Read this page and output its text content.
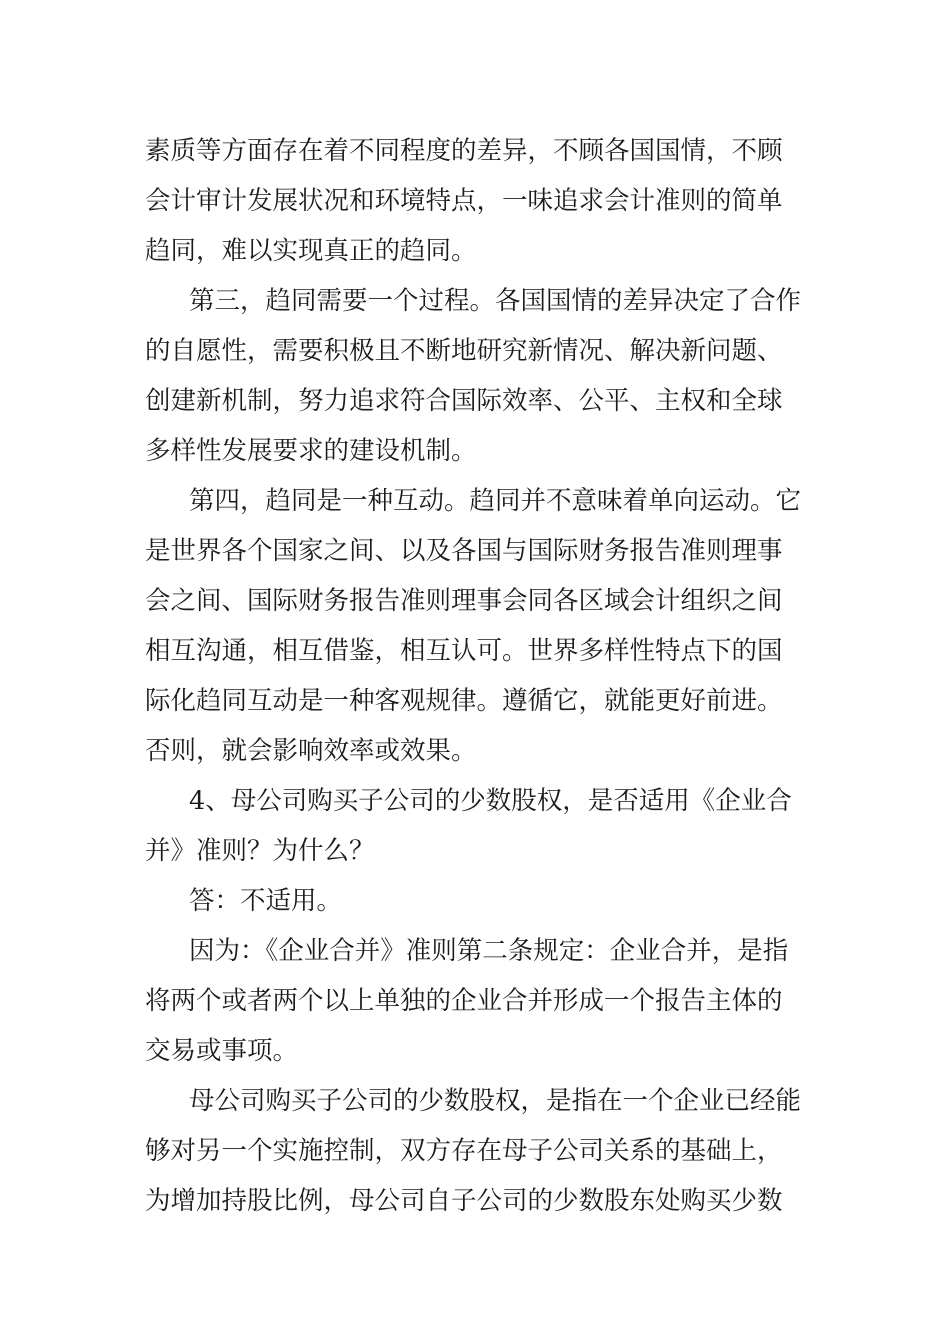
素质等方面存在着不同程度的差异，不顾各国国情，不顾
会计审计发展状况和环境特点，一味追求会计准则的简单
趋同，难以实现真正的趋同。
第三，趋同需要一个过程。各国国情的差异决定了合作
的自愿性，需要积极且不断地研究新情况、解决新问题、
创建新机制，努力追求符合国际效率、公平、主权和全球
多样性发展要求的建设机制。
第四，趋同是一种互动。趋同并不意味着单向运动。它
是世界各个国家之间、以及各国与国际财务报告准则理事
会之间、国际财务报告准则理事会同各区域会计组织之间
相互沟通，相互借鉴，相互认可。世界多样性特点下的国
际化趋同互动是一种客观规律。遵循它，就能更好前进。
否则，就会影响效率或效果。
4、母公司购买子公司的少数股权，是否适用《企业合
并》准则？为什么？
答：不适用。
因为：《企业合并》准则第二条规定：企业合并，是指
将两个或者两个以上单独的企业合并形成一个报告主体的
交易或事项。
母公司购买子公司的少数股权，是指在一个企业已经能
够对另一个实施控制，双方存在母子公司关系的基础上，
为增加持股比例，母公司自子公司的少数股东处购买少数
